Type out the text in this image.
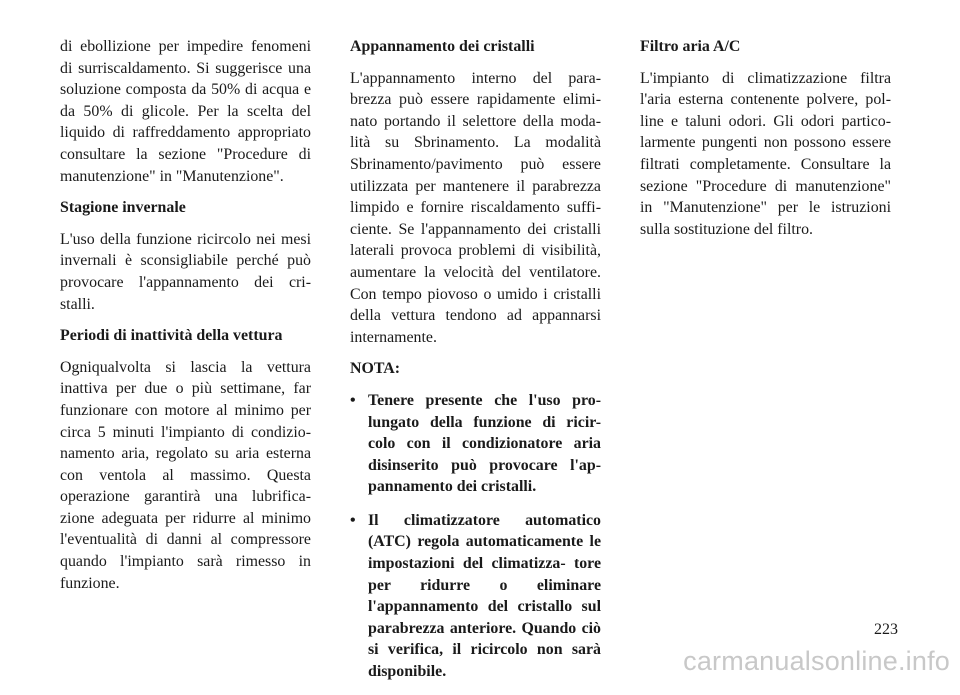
di ebollizione per impedire fenomeni di surriscaldamento. Si suggerisce una soluzione composta da 50% di acqua e da 50% di glicole. Per la scelta del liquido di raffreddamento appropriato consultare la sezione "Procedure di manutenzione" in "Manutenzione".

Stagione invernale

L'uso della funzione ricircolo nei mesi invernali è sconsigliabile perché può provocare l'appannamento dei cri- stalli.

Periodi di inattività della vettura

Ogniqualvolta si lascia la vettura inattiva per due o più settimane, far funzionare con motore al minimo per circa 5 minuti l'impianto di condizio- namento aria, regolato su aria esterna con ventola al massimo. Questa operazione garantirà una lubrifica- zione adeguata per ridurre al minimo l'eventualità di danni al compressore quando l'impianto sarà rimesso in funzione.

Appannamento dei cristalli

L'appannamento interno del para- brezza può essere rapidamente elimi- nato portando il selettore della moda- lità su Sbrinamento. La modalità Sbrinamento/pavimento può essere utilizzata per mantenere il parabrezza limpido e fornire riscaldamento suffi- ciente. Se l'appannamento dei cristalli laterali provoca problemi di visibilità, aumentare la velocità del ventilatore. Con tempo piovoso o umido i cristalli della vettura tendono ad appannarsi internamente.

NOTA:

• Tenere presente che l'uso pro- lungato della funzione di ricir- colo con il condizionatore aria disinserito può provocare l'ap- pannamento dei cristalli.
• Il climatizzatore automatico (ATC) regola automaticamente le impostazioni del climatizza- tore per ridurre o eliminare l'appannamento del cristallo sul parabrezza anteriore. Quando ciò si verifica, il ricircolo non sarà disponibile.

Filtro aria A/C

L'impianto di climatizzazione filtra l'aria esterna contenente polvere, pol- line e taluni odori. Gli odori partico- larmente pungenti non possono essere filtrati completamente. Consultare la sezione "Procedure di manutenzione" in "Manutenzione" per le istruzioni sulla sostituzione del filtro.

223
carmanualsonline.info
